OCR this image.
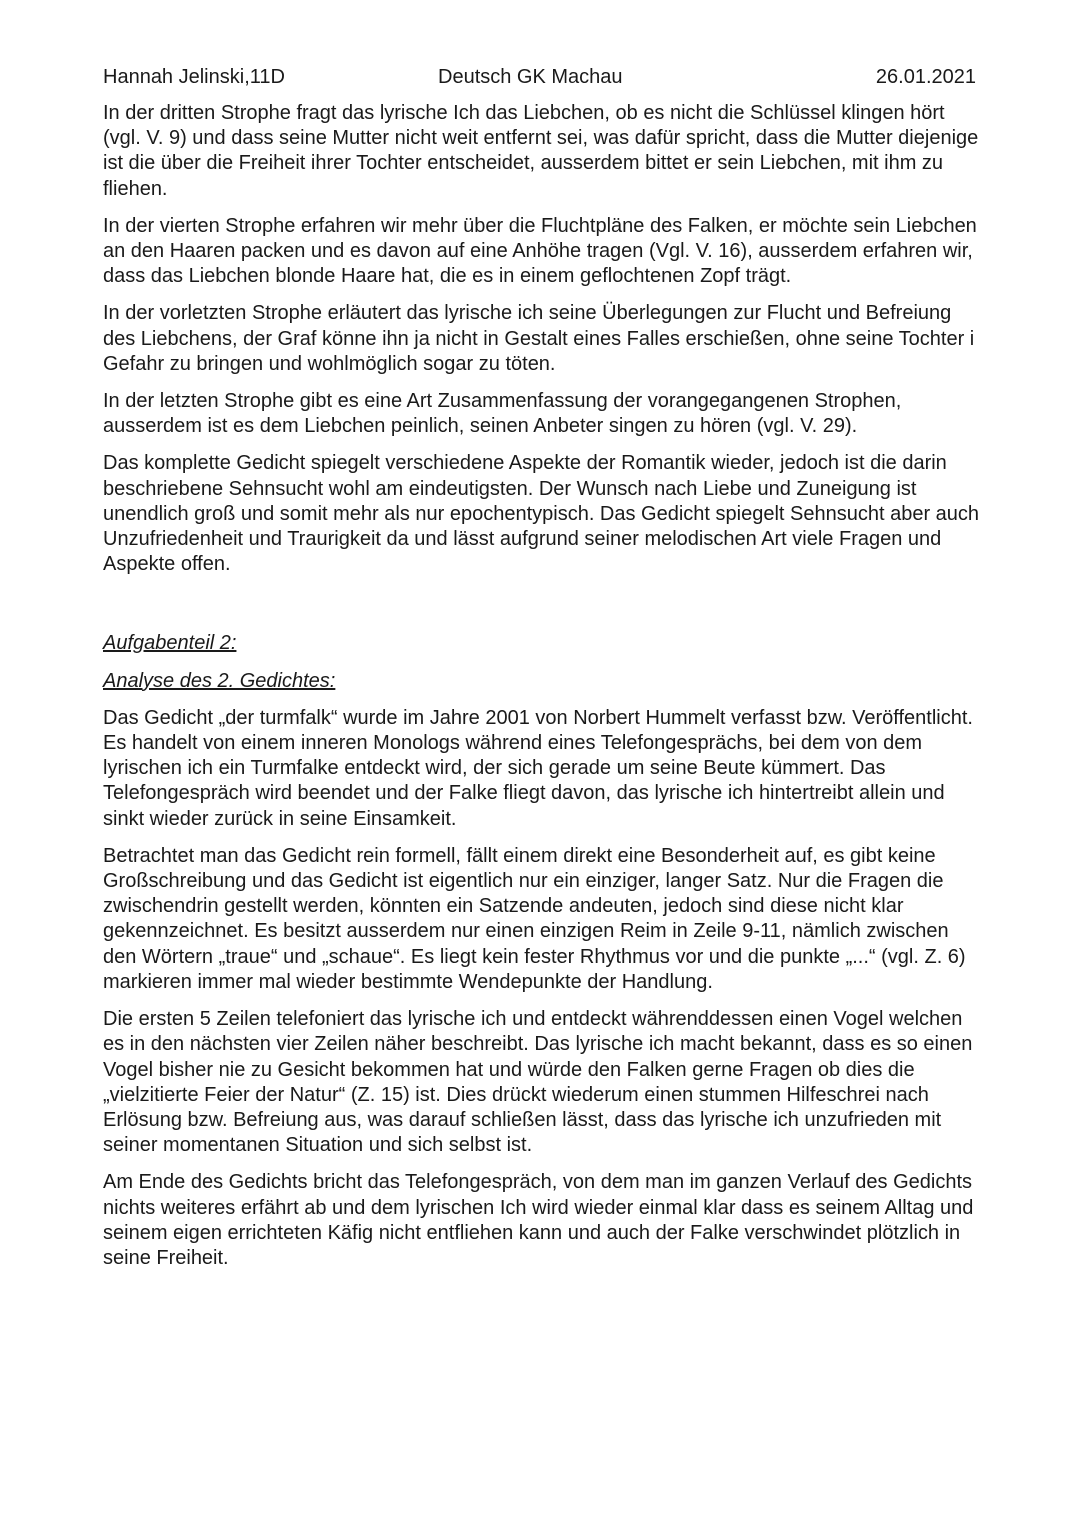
Hannah Jelinski,11D	Deutsch GK Machau	26.01.2021

In der dritten Strophe fragt das lyrische Ich das Liebchen, ob es nicht die Schlüssel klingen hört (vgl. V. 9) und dass seine Mutter nicht weit entfernt sei, was dafür spricht, dass die Mutter diejenige ist die über die Freiheit ihrer Tochter entscheidet, ausserdem bittet er sein Liebchen, mit ihm zu fliehen.

In der vierten Strophe erfahren wir mehr über die Fluchtpläne des Falken, er möchte sein Liebchen an den Haaren packen und es davon auf eine Anhöhe tragen (Vgl. V. 16), ausserdem erfahren wir, dass das Liebchen blonde Haare hat, die es in einem geflochtenen Zopf trägt.

In der vorletzten Strophe erläutert das lyrische ich seine Überlegungen zur Flucht und Befreiung des Liebchens, der Graf könne ihn ja nicht in Gestalt eines Falles erschießen, ohne seine Tochter i Gefahr zu bringen und wohlmöglich sogar zu töten.

In der letzten Strophe gibt es eine Art Zusammenfassung der vorangegangenen Strophen, ausserdem ist es dem Liebchen peinlich, seinen Anbeter singen zu hören (vgl. V. 29).

Das komplette Gedicht spiegelt verschiedene Aspekte der Romantik wieder, jedoch ist die darin beschriebene Sehnsucht wohl am eindeutigsten. Der Wunsch nach Liebe und Zuneigung ist unendlich groß und somit mehr als nur epochentypisch. Das Gedicht spiegelt Sehnsucht aber auch Unzufriedenheit und Traurigkeit da und lässt aufgrund seiner melodischen Art viele Fragen und Aspekte offen.

Aufgabenteil 2:

Analyse des 2. Gedichtes:

Das Gedicht „der turmfalk“ wurde im Jahre 2001 von Norbert Hummelt verfasst bzw. Veröffentlicht. Es handelt von einem inneren Monologs während eines Telefongesprächs, bei dem von dem lyrischen ich ein Turmfalke entdeckt wird, der sich gerade um seine Beute kümmert. Das Telefongespräch wird beendet und der Falke fliegt davon, das lyrische ich hintertreibt allein und sinkt wieder zurück in seine Einsamkeit.

Betrachtet man das Gedicht rein formell, fällt einem direkt eine Besonderheit auf, es gibt keine Großschreibung und das Gedicht ist eigentlich nur ein einziger, langer Satz. Nur die Fragen die zwischendrin gestellt werden, könnten ein Satzende andeuten, jedoch sind diese nicht klar gekennzeichnet. Es besitzt ausserdem nur einen einzigen Reim in Zeile 9-11, nämlich zwischen den Wörtern „traue“ und „schaue“. Es liegt kein fester Rhythmus vor und die punkte „...“ (vgl. Z. 6) markieren immer mal wieder bestimmte Wendepunkte der Handlung.

Die ersten 5 Zeilen telefoniert das lyrische ich und entdeckt währenddessen einen Vogel welchen es in den nächsten vier Zeilen näher beschreibt. Das lyrische ich macht bekannt, dass es so einen Vogel bisher nie zu Gesicht bekommen hat und würde den Falken gerne Fragen ob dies die „vielzitierte Feier der Natur“ (Z. 15) ist. Dies drückt wiederum einen stummen Hilfeschrei nach Erlösung bzw. Befreiung aus, was darauf schließen lässt, dass das lyrische ich unzufrieden mit seiner momentanen Situation und sich selbst ist.

Am Ende des Gedichts bricht das Telefongespräch, von dem man im ganzen Verlauf des Gedichts nichts weiteres erfährt ab und dem lyrischen Ich wird wieder einmal klar dass es seinem Alltag und seinem eigen errichteten Käfig nicht entfliehen kann und auch der Falke verschwindet plötzlich in seine Freiheit.
